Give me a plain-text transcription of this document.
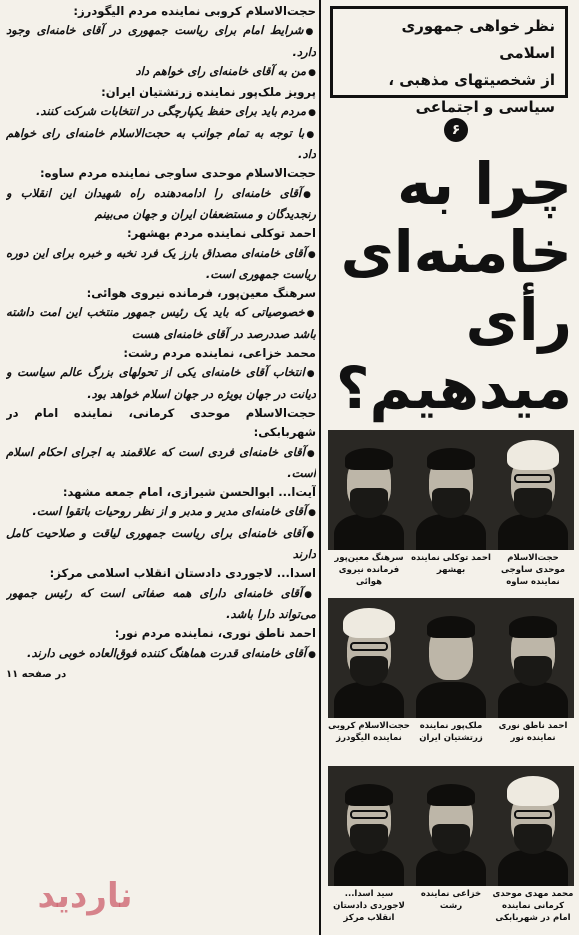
حجت‌الاسلام کروبی نماینده مردم الیگودرز:

● شرایط امام برای ریاست جمهوری در آقای خامنه‌ای وجود دارد.

● من به آقای خامنه‌ای رای خواهم داد

پرویز ملک‌پور نماینده زرتشتیان ایران:

● مردم باید برای حفظ یکپارچگی در انتخابات شرکت کنند.

● با توجه به تمام جوانب به حجت‌الاسلام خامنه‌ای رای خواهم داد.

حجت‌الاسلام موحدی ساوجی نماینده مردم ساوه:

● آقای خامنه‌ای را ادامه‌دهنده راه شهیدان این انقلاب و رنجدیدگان و مستضعفان ایران و جهان می‌بینم

احمد توکلی نماینده مردم بهشهر:

● آقای خامنه‌ای مصداق بارز یک فرد نخبه و خبره برای این دوره ریاست جمهوری است.

سرهنگ معین‌پور، فرمانده نیروی هوائی:

● خصوصیاتی که باید یک رئیس جمهور منتخب این امت داشته باشد صددرصد در آقای خامنه‌ای هست

محمد خزاعی، نماینده مردم رشت:

● انتخاب آقای خامنه‌ای یکی از تحولهای بزرگ عالم سیاست و دیانت در جهان بویژه در جهان اسلام خواهد بود.

حجت‌الاسلام موحدی کرمانی، نماینده امام در شهربابکی:

● آقای خامنه‌ای فردی است که علاقمند به اجرای احکام اسلام است.

آیت‌ا... ابوالحسن شیرازی، امام جمعه مشهد:

● آقای خامنه‌ای مدیر و مدبر و از نظر روحیات باتقوا است.

● آقای خامنه‌ای برای ریاست جمهوری لیاقت و صلاحیت کامل دارند

اسدا... لاجوردی دادستان انقلاب اسلامی مرکز:

● آقای خامنه‌ای دارای همه صفاتی است که رئیس جمهور می‌تواند دارا باشد.

احمد ناطق نوری، نماینده مردم نور:

● آقای خامنه‌ای قدرت هماهنگ کننده فوق‌العاده خوبی دارند.

در صفحه ۱۱
نظر خواهی جمهوری اسلامی
از شخصیتهای مذهبی ،
سیاسی و اجتماعی
۶
چرا به
خامنه‌ای
رأی
میدهیم؟
حجت‌الاسلام موحدی ساوجی نماینده ساوه
احمد توکلی نماینده بهشهر
سرهنگ معین‌پور فرمانده نیروی هوائی
احمد ناطق نوری نماینده نور
ملک‌پور نماینده زرتشتیان ایران
حجت‌الاسلام کروبی نماینده الیگودرز
محمد مهدی موحدی کرمانی نماینده امام در شهربابکی
خزاعی نماینده رشت
سید اسدا... لاجوردی دادستان انقلاب مرکز
ناردید
